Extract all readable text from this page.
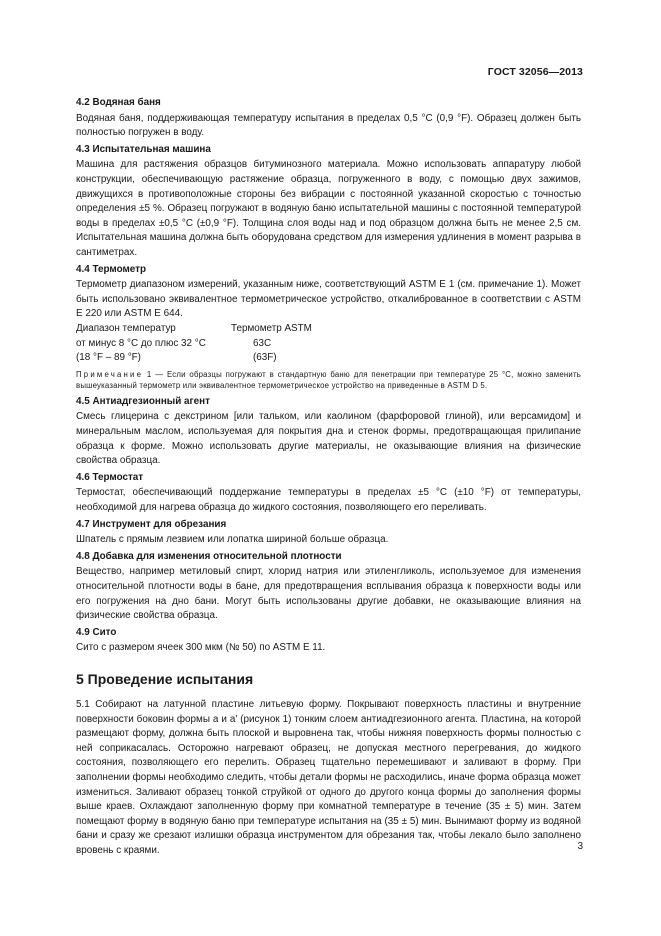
ГОСТ 32056—2013
4.2 Водяная баня

Водяная баня, поддерживающая температуру испытания в пределах 0,5 °С (0,9 °F). Образец должен быть полностью погружен в воду.

4.3 Испытательная машина

Машина для растяжения образцов битуминозного материала. Можно использовать аппаратуру любой конструкции, обеспечивающую растяжение образца, погруженного в воду, с помощью двух зажимов, движущихся в противоположные стороны без вибрации с постоянной указанной скоростью с точностью определения ±5 %. Образец погружают в водяную баню испытательной машины с постоянной температурой воды в пределах ±0,5 °С (±0,9 °F). Толщина слоя воды над и под образцом должна быть не менее 2,5 см. Испытательная машина должна быть оборудована средством для измерения удлинения в момент разрыва в сантиметрах.

4.4 Термометр

Термометр диапазоном измерений, указанным ниже, соответствующий ASTM E 1 (см. примечание 1). Может быть использовано эквивалентное термометрическое устройство, откалиброванное в соответствии с ASTM E 220 или ASTM E 644.

Диапазон температур	Термометр ASTM
от минус 8 °С до плюс 32 °С	63С
(18 °F – 89 °F)	(63F)

Примечание 1 — Если образцы погружают в стандартную баню для пенетрации при температуре 25 °С, можно заменить вышеуказанный термометр или эквивалентное термометрическое устройство на приведенные в ASTM D 5.

4.5 Антиадгезионный агент

Смесь глицерина с декстрином [или тальком, или каолином (фарфоровой глиной), или версамидом] и минеральным маслом, используемая для покрытия дна и стенок формы, предотвращающая прилипание образца к форме. Можно использовать другие материалы, не оказывающие влияния на физические свойства образца.

4.6 Термостат

Термостат, обеспечивающий поддержание температуры в пределах ±5 °С (±10 °F) от температуры, необходимой для нагрева образца до жидкого состояния, позволяющего его переливать.

4.7 Инструмент для обрезания

Шпатель с прямым лезвием или лопатка шириной больше образца.

4.8 Добавка для изменения относительной плотности

Вещество, например метиловый спирт, хлорид натрия или этиленгликоль, используемое для изменения относительной плотности воды в бане, для предотвращения всплывания образца к поверхности воды или его погружения на дно бани. Могут быть использованы другие добавки, не оказывающие влияния на физические свойства образца.

4.9 Сито

Сито с размером ячеек 300 мкм (№ 50) по ASTM E 11.

5 Проведение испытания

5.1 Собирают на латунной пластине литьевую форму. Покрывают поверхность пластины и внутренние поверхности боковин формы a и a' (рисунок 1) тонким слоем антиадгезионного агента. Пластина, на которой размещают форму, должна быть плоской и выровнена так, чтобы нижняя поверхность формы полностью с ней соприкасалась. Осторожно нагревают образец, не допуская местного перегревания, до жидкого состояния, позволяющего его перелить. Образец тщательно перемешивают и заливают в форму. При заполнении формы необходимо следить, чтобы детали формы не расходились, иначе форма образца может измениться. Заливают образец тонкой струйкой от одного до другого конца формы до заполнения формы выше краев. Охлаждают заполненную форму при комнатной температуре в течение (35 ± 5) мин. Затем помещают форму в водяную баню при температуре испытания на (35 ± 5) мин. Вынимают форму из водяной бани и сразу же срезают излишки образца инструментом для обрезания так, чтобы лекало было заполнено вровень с краями.	3
